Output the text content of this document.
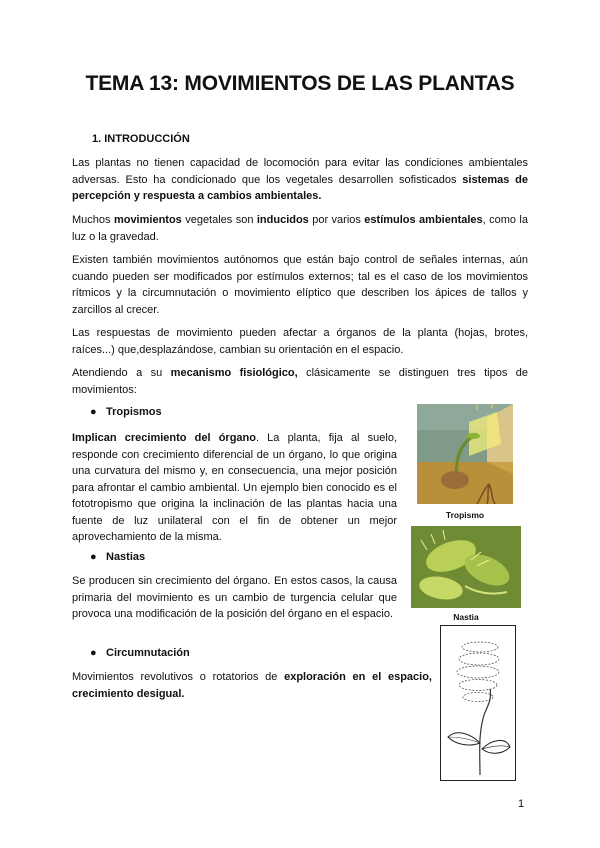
TEMA 13: MOVIMIENTOS DE LAS PLANTAS
1. INTRODUCCIÓN

Las plantas no tienen capacidad de locomoción para evitar las condiciones ambientales adversas. Esto ha condicionado que los vegetales desarrollen sofisticados sistemas de percepción y respuesta a cambios ambientales.

Muchos movimientos vegetales son inducidos por varios estímulos ambientales, como la luz o la gravedad.

Existen también movimientos autónomos que están bajo control de señales internas, aún cuando pueden ser modificados por estímulos externos; tal es el caso de los movimientos rítmicos y la circumnutación o movimiento elíptico que describen los ápices de tallos y zarcillos al crecer.

Las respuestas de movimiento pueden afectar a órganos de la planta (hojas, brotes, raíces...) que,desplazándose, cambian su orientación en el espacio.

Atendiendo a su mecanismo fisiológico, clásicamente se distinguen tres tipos de movimientos:

● Tropismos

Implican crecimiento del órgano. La planta, fija al suelo, responde con crecimiento diferencial de un órgano, lo que origina una curvatura del mismo y, en consecuencia, una mejor posición para afrontar el cambio ambiental. Un ejemplo bien conocido es el fototropismo que origina la inclinación de las plantas hacia una fuente de luz unilateral con el fin de obtener un mejor aprovechamiento de la misma.

● Nastias

Se producen sin crecimiento del órgano. En estos casos, la causa primaria del movimiento es un cambio de turgencia celular que provoca una modificación de la posición del órgano en el espacio.

● Circumnutación

Movimientos revolutivos o rotatorios de exploración en el espacio, crecimiento desigual.

Tropismo
Nastia
1
